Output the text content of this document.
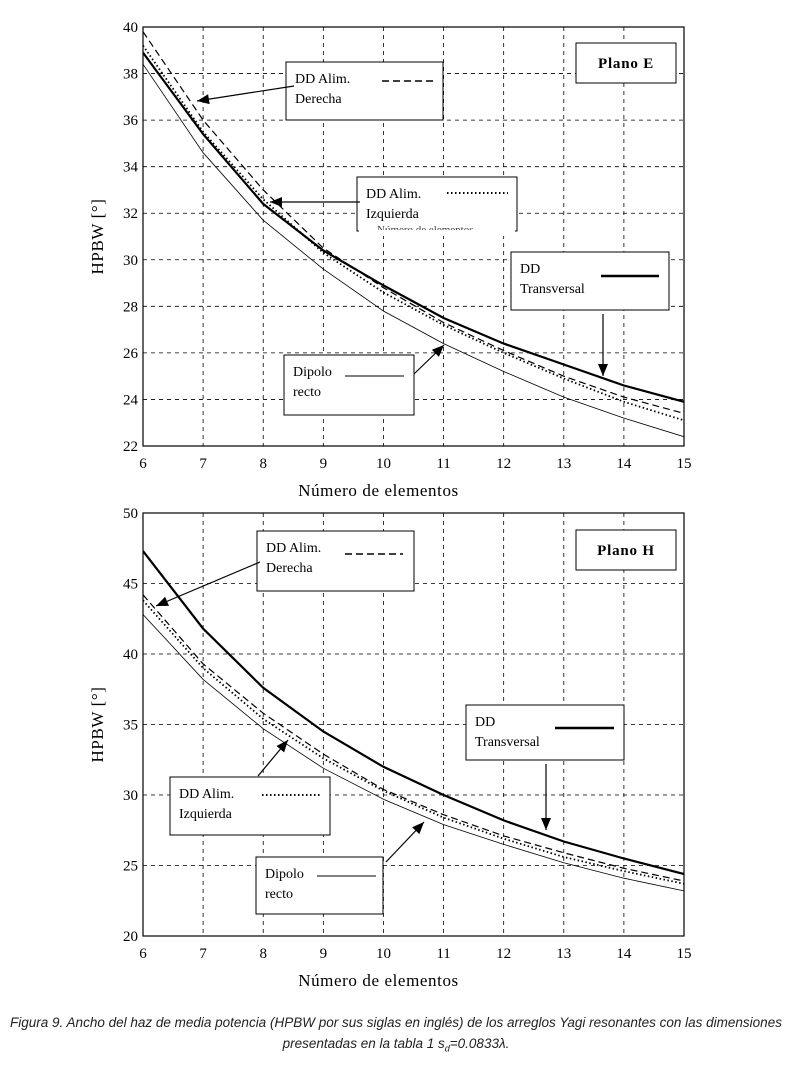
6	7	8	9	10	11	12	13	14	15
22
24
26
28
30
32
34
36
38
40
Número de elementos
HPBW [°]
DD Alim.
Derecha
DD Alim.
Izquierda
DD
Transversal
Dipolo
recto
Plano E
6	7	8	9	10	11	12	13	14	15
20
25
30
35
40
45
50
Número de elementos
HPBW [°]
DD Alim.
Derecha
DD Alim.
Izquierda
DD
Transversal
Dipolo
recto
Plano H
Figura 9. Ancho del haz de media potencia (HPBW por sus siglas en inglés) de los arreglos Yagi resonantes con las dimensiones presentadas en la tabla 1 $s_d=0.0833\lambda$.
